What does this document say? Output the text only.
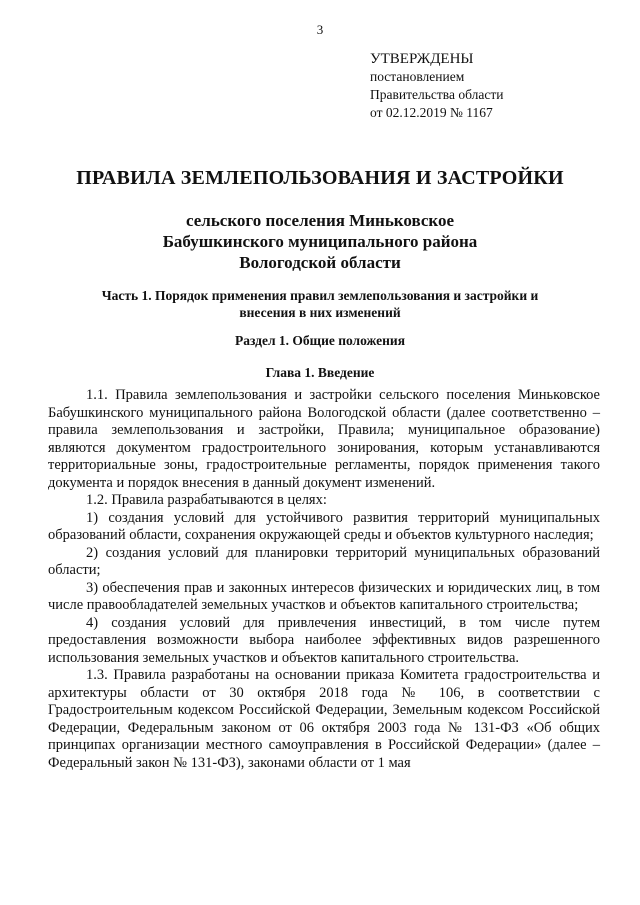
3
УТВЕРЖДЕНЫ
постановлением
Правительства области
от 02.12.2019 № 1167
ПРАВИЛА ЗЕМЛЕПОЛЬЗОВАНИЯ И ЗАСТРОЙКИ
сельского поселения Миньковское
Бабушкинского муниципального района
Вологодской области
Часть 1. Порядок применения правил землепользования и застройки и
внесения в них изменений
Раздел 1. Общие положения
Глава 1. Введение

1.1. Правила землепользования и застройки сельского поселения Миньковское Бабушкинского муниципального района Вологодской области (далее соответственно – правила землепользования и застройки, Правила; муниципальное образование) являются документом градостроительного зонирования, которым устанавливаются территориальные зоны, градостроительные регламенты, порядок применения такого документа и порядок внесения в данный документ изменений.

1.2. Правила разрабатываются в целях:

1) создания условий для устойчивого развития территорий муниципальных образований области, сохранения окружающей среды и объектов культурного наследия;

2) создания условий для планировки территорий муниципальных образований области;

3) обеспечения прав и законных интересов физических и юридических лиц, в том числе правообладателей земельных участков и объектов капитального строительства;

4) создания условий для привлечения инвестиций, в том числе путем предоставления возможности выбора наиболее эффективных видов разрешенного использования земельных участков и объектов капитального строительства.

1.3. Правила разработаны на основании приказа Комитета градостроительства и архитектуры области от 30 октября 2018 года № 106, в соответствии с Градостроительным кодексом Российской Федерации, Земельным кодексом Российской Федерации, Федеральным законом от 06 октября 2003 года № 131-ФЗ «Об общих принципах организации местного самоуправления в Российской Федерации» (далее – Федеральный закон № 131-ФЗ), законами области от 1 мая
